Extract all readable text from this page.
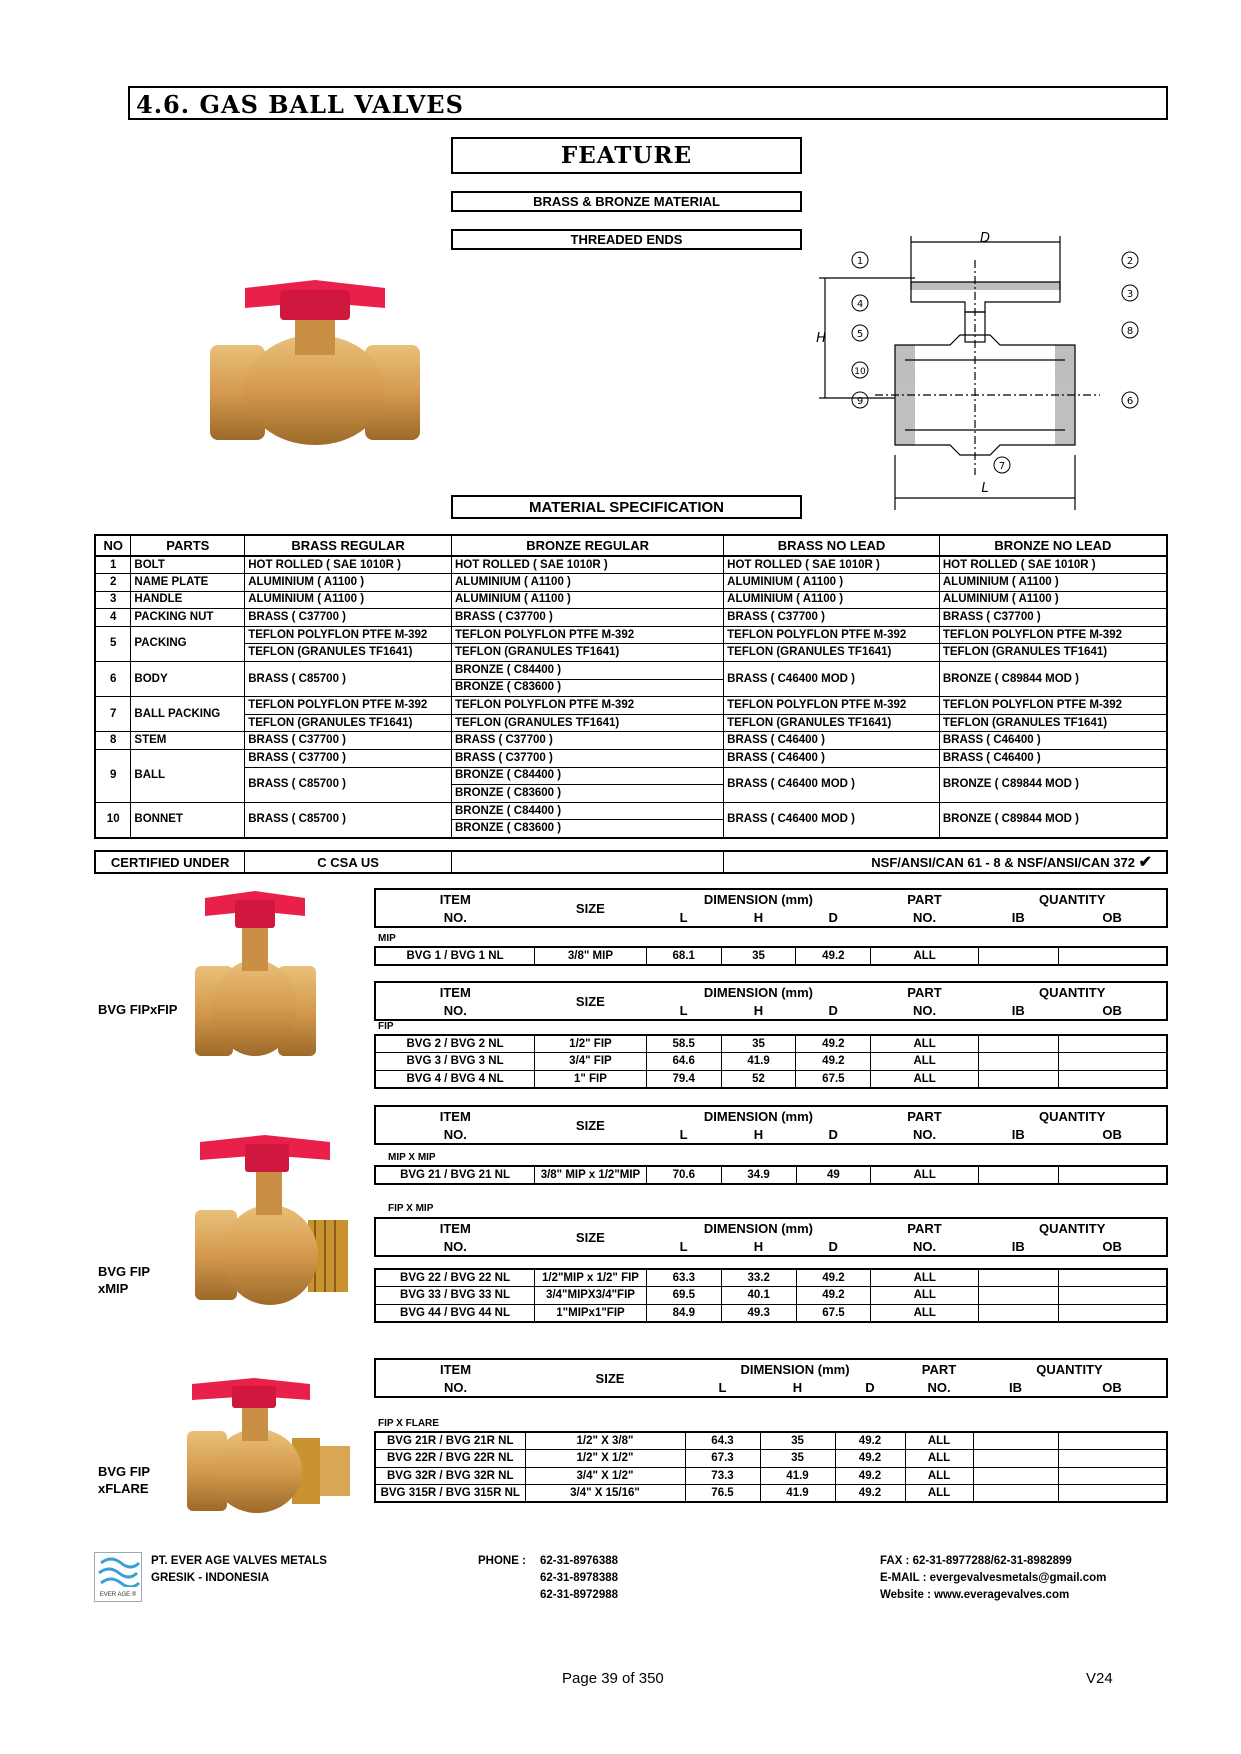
4.6. GAS BALL VALVES
FEATURE
BRASS & BRONZE MATERIAL
THREADED ENDS	D
H
L
1	2
3
4
5	8
10
9	6
7
MATERIAL SPECIFICATION
NO	PARTS	BRASS REGULAR	BRONZE REGULAR	BRASS NO LEAD	BRONZE NO LEAD
1	BOLT	HOT ROLLED ( SAE 1010R )	HOT ROLLED ( SAE 1010R )	HOT ROLLED ( SAE 1010R )	HOT ROLLED ( SAE 1010R )
2	NAME PLATE	ALUMINIUM ( A1100 )	ALUMINIUM ( A1100 )	ALUMINIUM ( A1100 )	ALUMINIUM ( A1100 )
3	HANDLE	ALUMINIUM ( A1100 )	ALUMINIUM ( A1100 )	ALUMINIUM ( A1100 )	ALUMINIUM ( A1100 )
4	PACKING NUT	BRASS ( C37700 )	BRASS ( C37700 )	BRASS ( C37700 )	BRASS ( C37700 )
5	PACKING	TEFLON POLYFLON PTFE M-392	TEFLON POLYFLON PTFE M-392	TEFLON POLYFLON PTFE M-392	TEFLON POLYFLON PTFE M-392
		TEFLON (GRANULES TF1641)	TEFLON (GRANULES TF1641)	TEFLON (GRANULES TF1641)	TEFLON (GRANULES TF1641)
6	BODY	BRASS ( C85700 )	BRONZE ( C84400 )	BRASS ( C46400 MOD )	BRONZE ( C89844 MOD )
			BRONZE ( C83600 )		
7	BALL PACKING	TEFLON POLYFLON PTFE M-392	TEFLON POLYFLON PTFE M-392	TEFLON POLYFLON PTFE M-392	TEFLON POLYFLON PTFE M-392
		TEFLON (GRANULES TF1641)	TEFLON (GRANULES TF1641)	TEFLON (GRANULES TF1641)	TEFLON (GRANULES TF1641)
8	STEM	BRASS ( C37700 )	BRASS ( C37700 )	BRASS ( C46400 )	BRASS ( C46400 )
9	BALL	BRASS ( C37700 )	BRASS ( C37700 )	BRASS ( C46400 )	BRASS ( C46400 )
		BRASS ( C85700 )	BRONZE ( C84400 )	BRASS ( C46400 MOD )	BRONZE ( C89844 MOD )
			BRONZE ( C83600 )		
10	BONNET	BRASS ( C85700 )	BRONZE ( C84400 )	BRASS ( C46400 MOD )	BRONZE ( C89844 MOD )
			BRONZE ( C83600 )		
CERTIFIED UNDER	C CSA US		NSF/ANSI/CAN 61 - 8 & NSF/ANSI/CAN 372 ✔
BVG FIPxFIP
BVG FIP
xMIP
BVG FIP
xFLARE
ITEM	SIZE	DIMENSION (mm)			PART	QUANTITY	
NO.		L	H	D	NO.	IB	OB
MIP
BVG 1 / BVG 1 NL	3/8" MIP	68.1	35	49.2	ALL		
ITEM	SIZE	DIMENSION (mm)			PART	QUANTITY	
NO.		L	H	D	NO.	IB	OB
FIP
BVG 2 / BVG 2 NL	1/2" FIP	58.5	35	49.2	ALL		
BVG 3 / BVG 3 NL	3/4" FIP	64.6	41.9	49.2	ALL		
BVG 4 / BVG 4 NL	1" FIP	79.4	52	67.5	ALL		
ITEM	SIZE	DIMENSION (mm)			PART	QUANTITY	
NO.		L	H	D	NO.	IB	OB
MIP X MIP
BVG 21 / BVG 21 NL	3/8" MIP x 1/2"MIP	70.6	34.9	49	ALL		
FIP X MIP
ITEM	SIZE	DIMENSION (mm)			PART	QUANTITY	
NO.		L	H	D	NO.	IB	OB
BVG 22 / BVG 22 NL	1/2"MIP x 1/2" FIP	63.3	33.2	49.2	ALL		
BVG 33 / BVG 33 NL	3/4"MIPX3/4"FIP	69.5	40.1	49.2	ALL		
BVG 44 / BVG 44 NL	1"MIPx1"FIP	84.9	49.3	67.5	ALL		
ITEM	SIZE	DIMENSION (mm)			PART	QUANTITY	
NO.		L	H	D	NO.	IB	OB
FIP X FLARE
BVG 21R / BVG 21R NL	1/2" X 3/8"	64.3	35	49.2	ALL		
BVG 22R / BVG 22R NL	1/2" X 1/2"	67.3	35	49.2	ALL		
BVG 32R / BVG 32R NL	3/4" X 1/2"	73.3	41.9	49.2	ALL		
BVG 315R / BVG 315R NL	3/4" X 15/16"	76.5	41.9	49.2	ALL		
EVER AGE ®
PT. EVER AGE VALVES METALS
GRESIK - INDONESIA
PHONE : 62-31-8976388
62-31-8978388
62-31-8972988
FAX : 62-31-8977288/62-31-8982899
E-MAIL : evergevalvesmetals@gmail.com
Website : www.everagevalves.com
Page 39 of 350	V24
